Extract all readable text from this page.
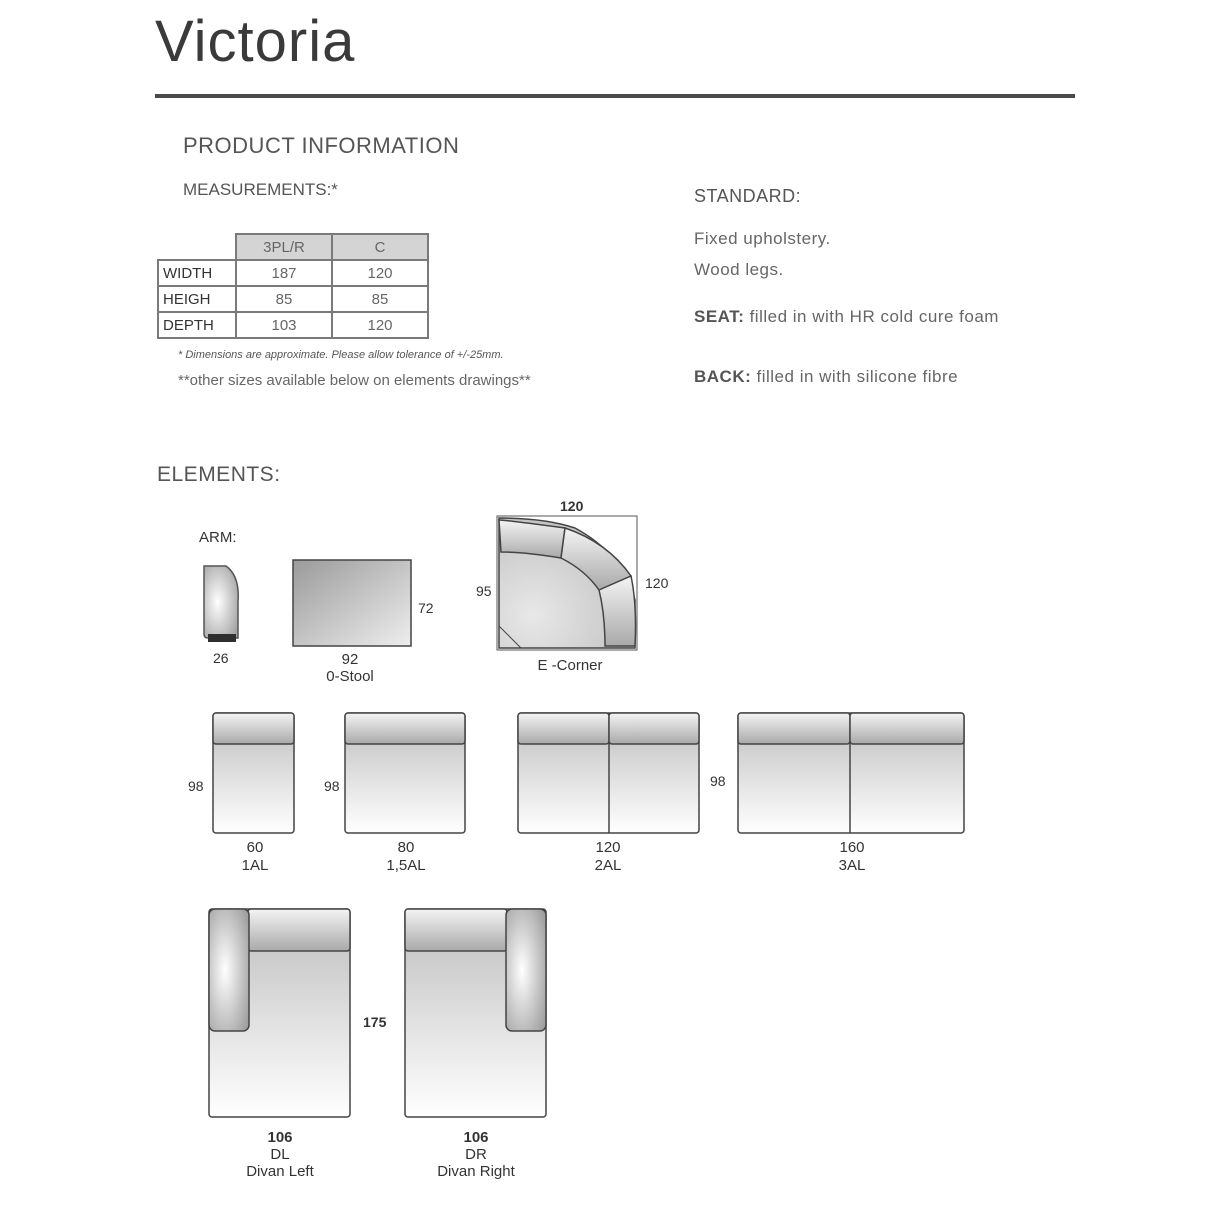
Victoria
PRODUCT INFORMATION
MEASUREMENTS:*
	3PL/R	C
WIDTH	187	120
HEIGH	85	85
DEPTH	103	120
* Dimensions are approximate. Please allow tolerance of +/-25mm.
**other sizes available below on elements drawings**
STANDARD:
Fixed upholstery.
Wood legs.
SEAT: filled in with HR cold cure foam
BACK: filled in with silicone fibre
ELEMENTS:
ARM:
26
72
92
0-Stool
120
120
95
E -Corner
98
60
1AL
98
80
1,5AL
120
2AL
98
160
3AL
106
DL
Divan Left
175
106
DR
Divan Right
